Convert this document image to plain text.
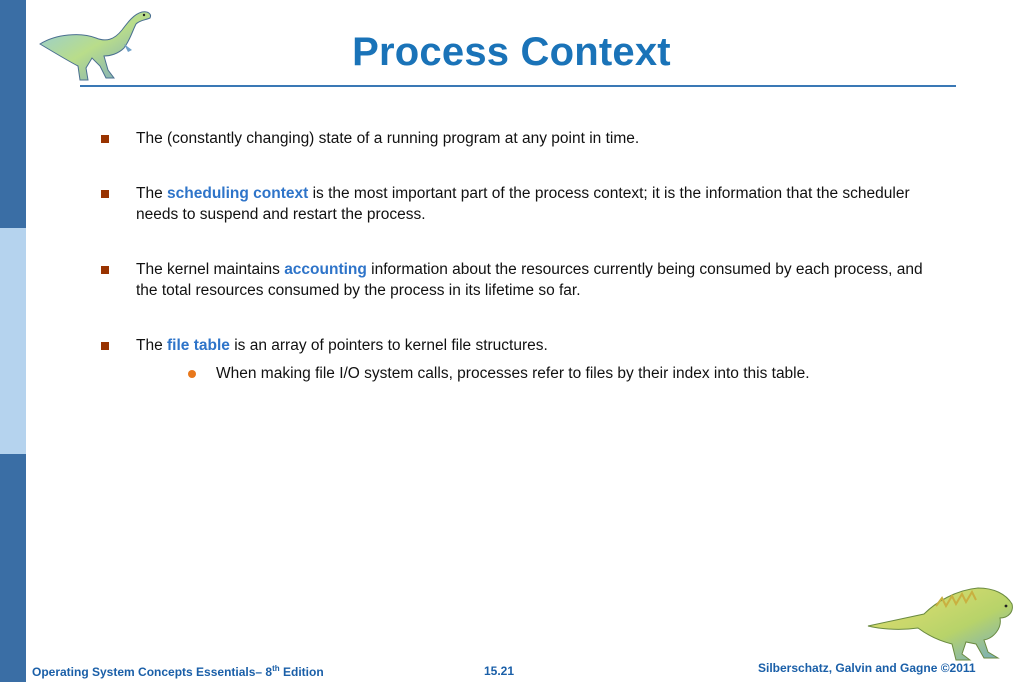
Process Context
The (constantly changing) state of a running program at any point in time.
The scheduling context is the most important part of the process context; it is the information that the scheduler needs to suspend and restart the process.
The kernel maintains accounting information about the resources currently being consumed by each process, and the total resources consumed by the process in its lifetime so far.
The file table is an array of pointers to kernel file structures.
When making file I/O system calls, processes refer to files by their index into this table.
Operating System Concepts Essentials– 8th Edition	15.21	Silberschatz, Galvin and Gagne ©2011
